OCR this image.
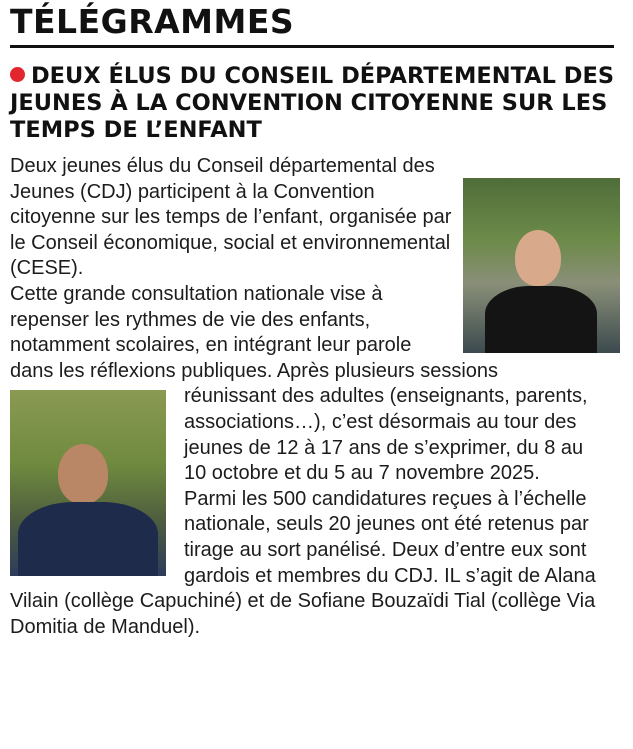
TÉLÉGRAMMES
DEUX ÉLUS DU CONSEIL DÉPARTEMENTAL DES JEUNES À LA CONVENTION CITOYENNE SUR LES TEMPS DE L’ENFANT

Deux jeunes élus du Conseil départemental des Jeunes (CDJ) participent à la Convention citoyenne sur les temps de l’enfant, organisée par le Conseil économique, social et environnemental (CESE).

Cette grande consultation nationale vise à repenser les rythmes de vie des enfants, notamment scolaires, en intégrant leur parole dans les réflexions publiques. Après plusieurs sessions

réunissant des adultes (enseignants, parents, associations…), c’est désormais au tour des jeunes de 12 à 17 ans de s’exprimer, du 8 au 10 octobre et du 5 au 7 novembre 2025.

Parmi les 500 candidatures reçues à l’échelle nationale, seuls 20 jeunes ont été retenus par tirage au sort panélisé. Deux d’entre eux sont gardois et membres du CDJ. IL s’agit de Alana Vilain (collège Capuchiné) et de Sofiane Bouzaïdi Tial (collège Via Domitia de Manduel).
